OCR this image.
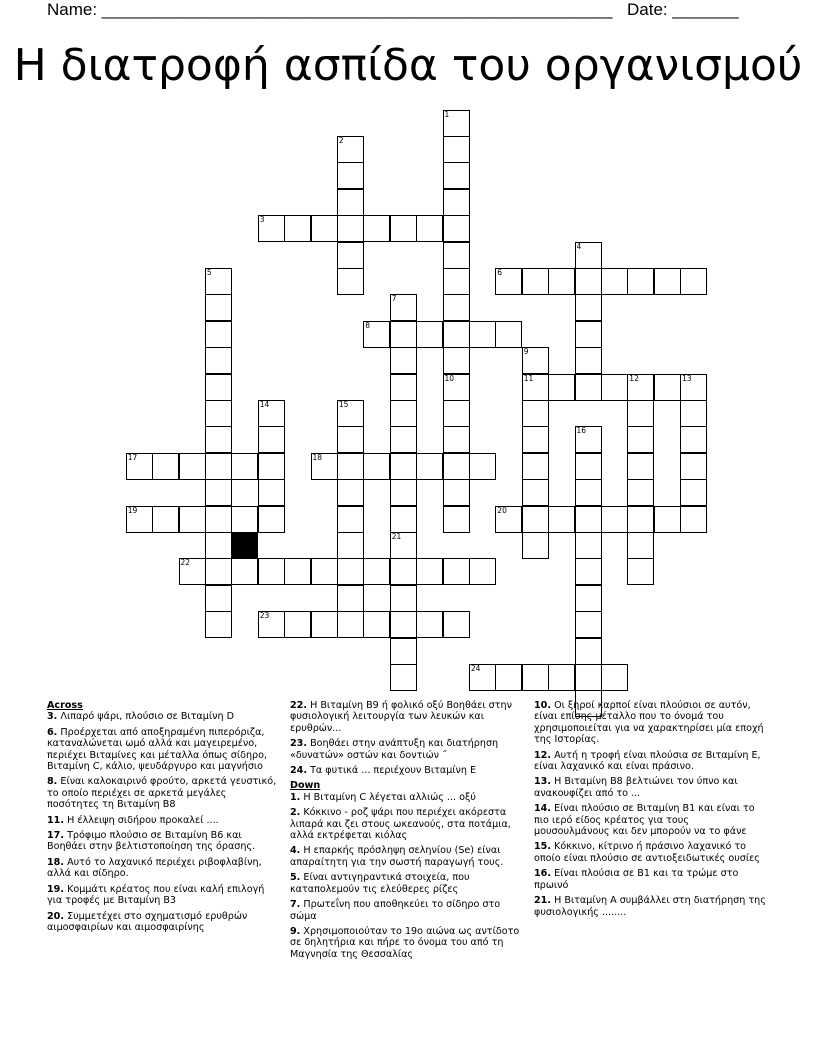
Name: ______________________________________________________ Date: _______
Η διατροφή ασπίδα του οργανισμού
1
10
2
3
4
5	6
7
21
8
9
11	12	13
14	15
16
17	18
19	20
22
23
24
Across
3. Λιπαρό ψάρι, πλούσιο σε Βιταμίνη D
6. Προέρχεται από αποξηραμένη πιπερόριζα, καταναλώνεται ωμό αλλά και μαγειρεμένο, περιέχει Βιταμίνες και μέταλλα όπως σίδηρο, Βιταμίνη C, κάλιο, ψευδάργυρο και μαγνήσιο
8. Είναι καλοκαιρινό φρούτο, αρκετά γευστικό, το οποίο περιέχει σε αρκετά μεγάλες ποσότητες τη Βιταμίνη Β8
11. Η έλλειψη σιδήρου προκαλεί ....
17. Τρόφιμο πλούσιο σε Βιταμίνη Β6 και Βοηθάει στην βελτιστοποίηση της όρασης.
18. Αυτό το λαχανικό περιέχει ριβοφλαβίνη, αλλά και σίδηρο.
19. Κομμάτι κρέατος που είναι καλή επιλογή για τροφές με Βιταμίνη Β3
20. Συμμετέχει στο σχηματισμό ερυθρών αιμοσφαιρίων και αιμοσφαιρίνης
22. Η Βιταμίνη Β9 ή φολικό οξύ Βοηθάει στην φυσιολογική λειτουργία των λευκών και ερυθρών...
23. Βοηθάει στην ανάπτυξη και διατήρηση «δυνατών» οστών και δοντιών ˝
24. Τα φυτικά ... περιέχουν Βιταμίνη Ε
Down
1. Η Βιταμίνη C λέγεται αλλιώς ... οξύ
2. Κόκκινο - ροζ ψάρι που περιέχει ακόρεστα λιπαρά και ζει στους ωκεανούς, στα ποτάμια, αλλά εκτρέφεται κιόλας
4. Η επαρκής πρόσληψη σεληνίου (Se) είναι απαραίτητη για την σωστή παραγωγή τους.
5. Είναι αντιγηραντικά στοιχεία, που καταπολεμούν τις ελεύθερες ρίζες
7. Πρωτεΐνη που αποθηκεύει το σίδηρο στο σώμα
9. Χρησιμοποιούταν το 19ο αιώνα ως αντίδοτο σε δηλητήρια και πήρε το όνομα του από τη Μαγνησία της Θεσσαλίας
10. Οι ξηροί καρποί είναι πλούσιοι σε αυτόν, είναι επίσης μέταλλο που το όνομά του χρησιμοποιείται για να χαρακτηρίσει μία εποχή της Ιστορίας.
12. Αυτή η τροφή είναι πλούσια σε Βιταμίνη Ε, είναι λαχανικό και είναι πράσινο.
13. Η Βιταμίνη Β8 βελτιώνει τον ύπνο και ανακουφίζει από το ...
14. Είναι πλούσιο σε Βιταμίνη Β1 και είναι το πιο ιερό είδος κρέατος για τους μουσουλμάνους και δεν μπορούν να το φάνε
15. Κόκκινο, κίτρινο ή πράσινο λαχανικό το οποίο είναι πλούσιο σε αντιοξειδωτικές ουσίες
16. Είναι πλούσια σε Β1 και τα τρώμε στο πρωινό
21. Η Βιταμίνη Α συμβάλλει στη διατήρηση της φυσιολογικής ........
